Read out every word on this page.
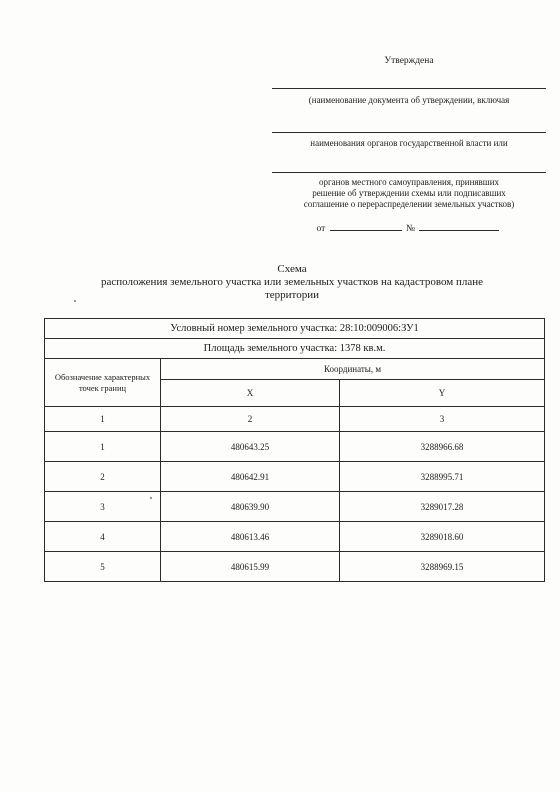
Утверждена
(наименование документа об утверждении, включая
наименования органов государственной власти или
органов местного самоуправления, принявших
решение об утверждении схемы или подписавших
соглашение о перераспределении земельных участков)
от	№
Схема
расположения земельного участка или земельных участков на кадастровом плане
территории
Условный номер земельного участка: 28:10:009006:ЗУ1		
Площадь земельного участка: 1378 кв.м.		
Обозначение характерных точек границ	Координаты, м	
	X	Y
1	2	3
1	480643.25	3288966.68
2	480642.91	3288995.71
3	480639.90	3289017.28
4	480613.46	3289018.60
5	480615.99	3288969.15
